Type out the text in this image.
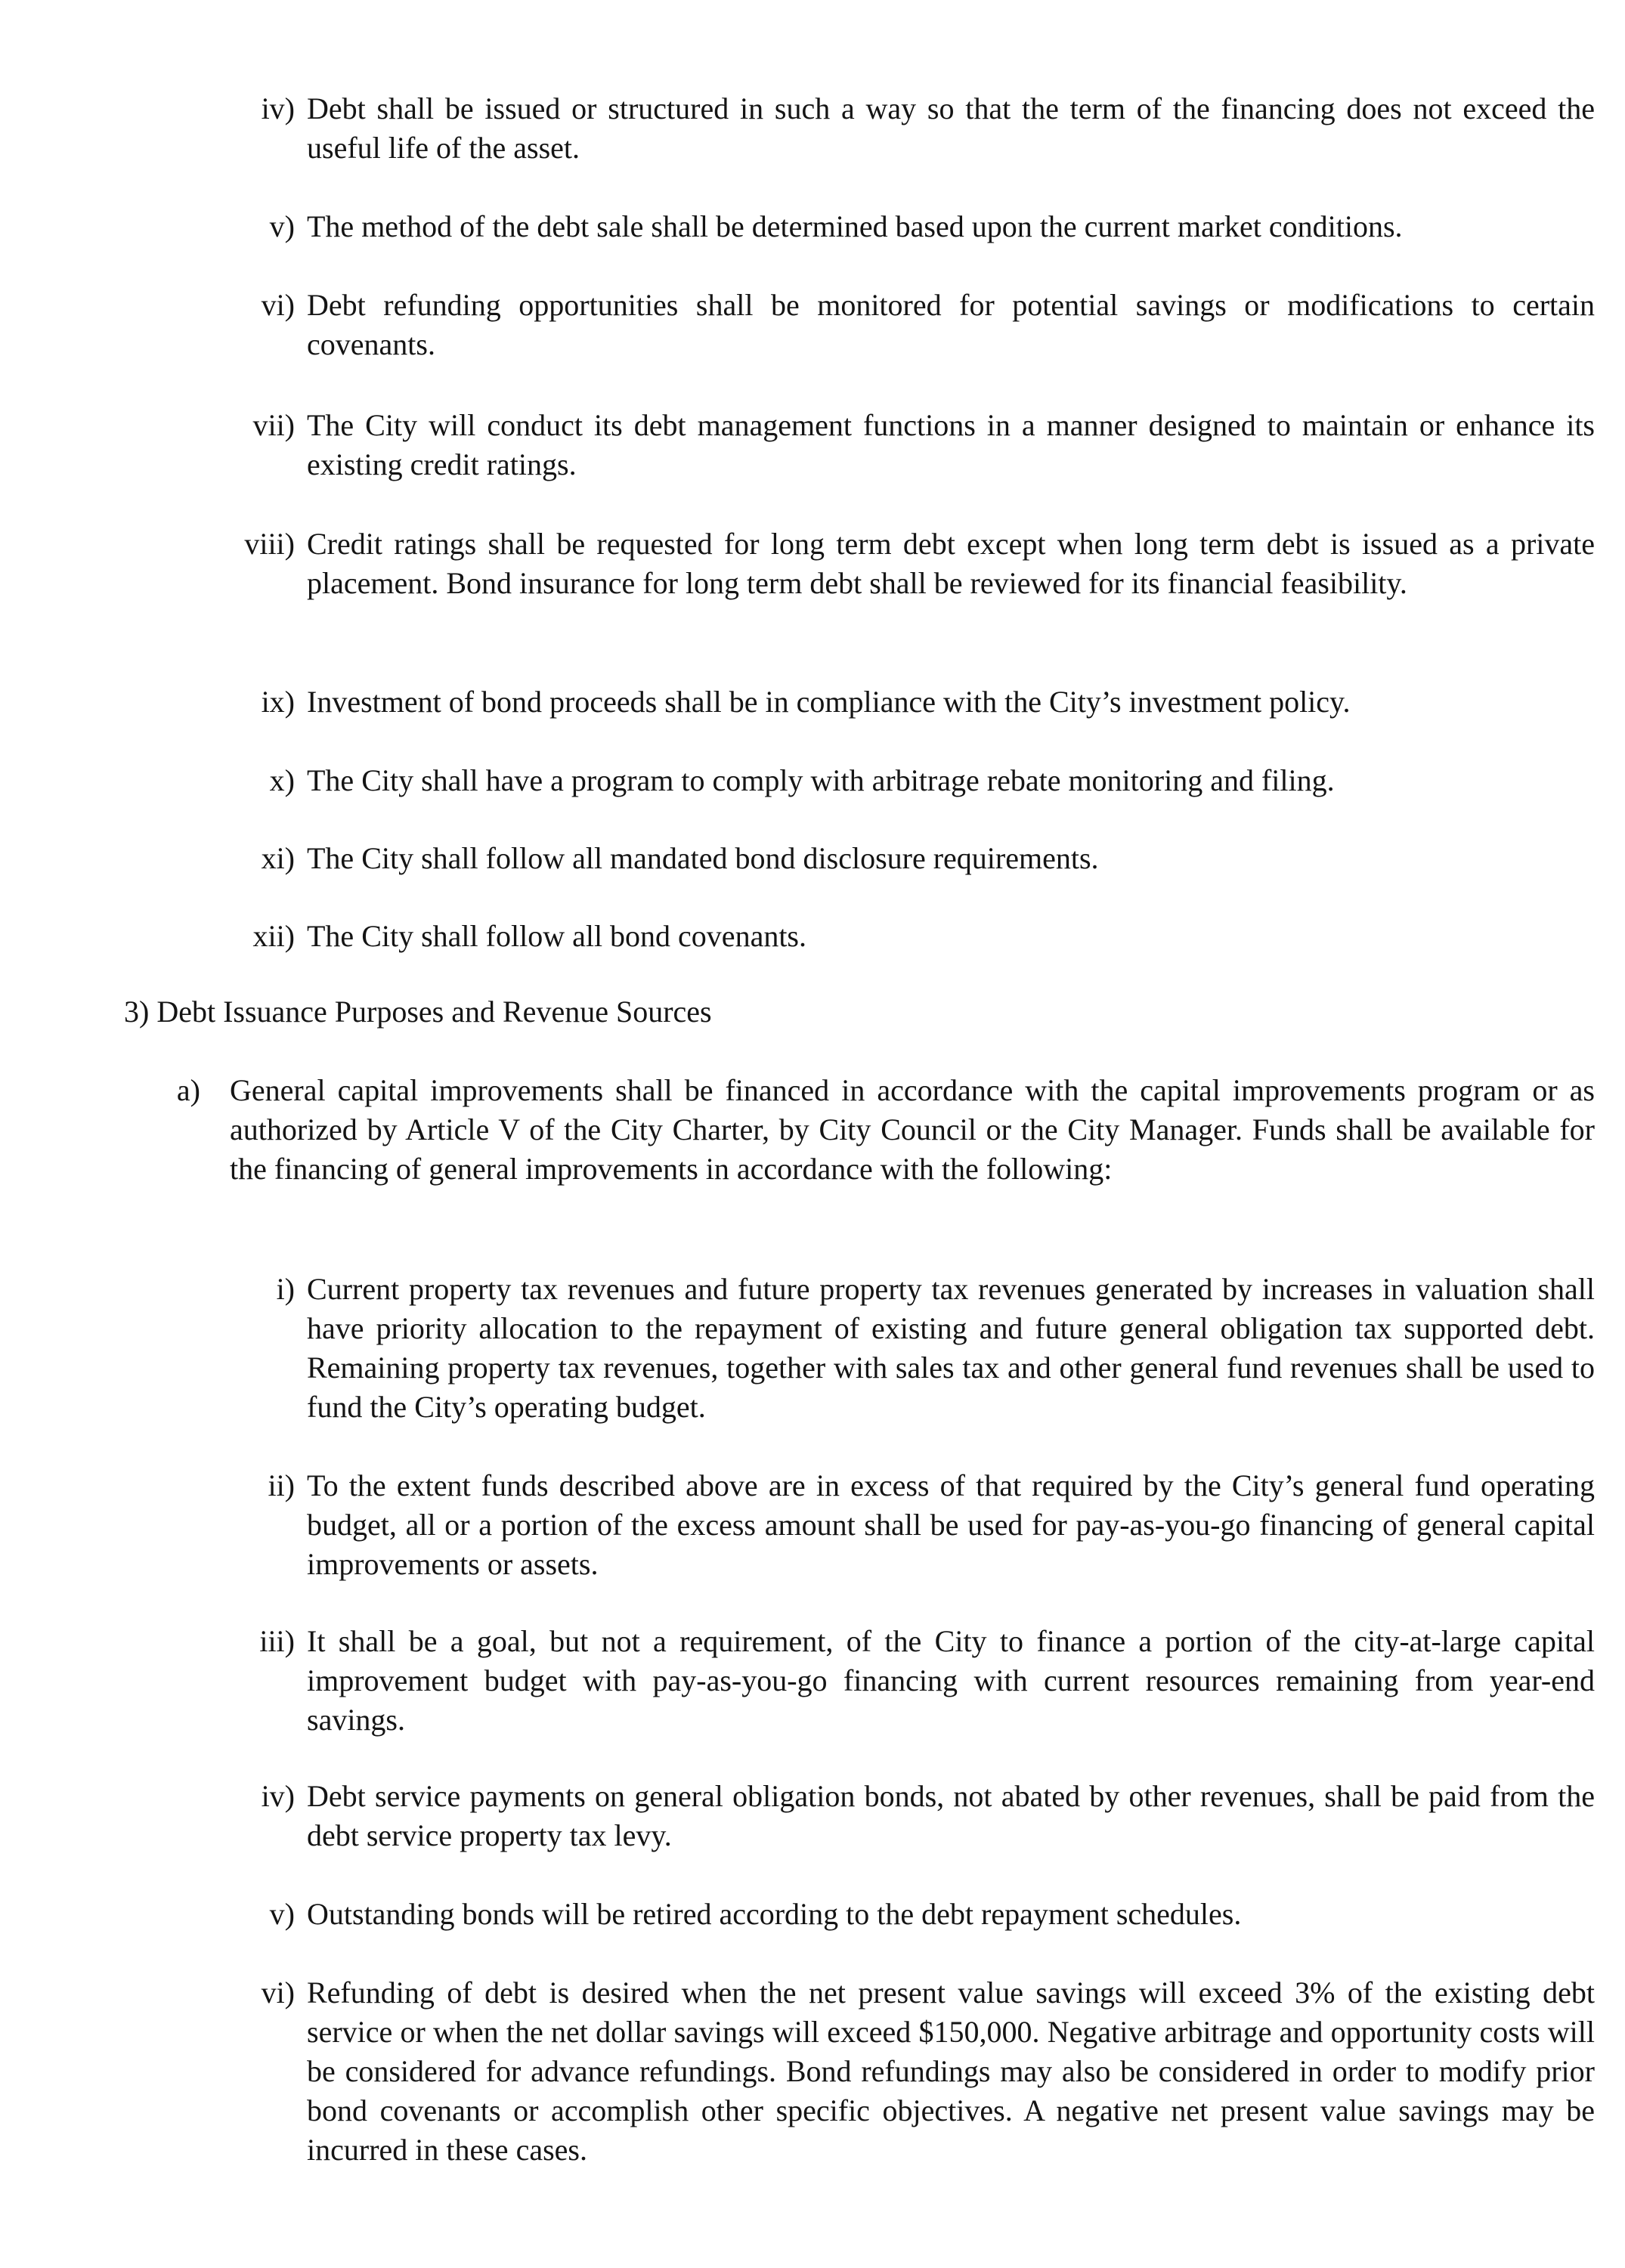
iv) Debt shall be issued or structured in such a way so that the term of the financing does not exceed the useful life of the asset.
v) The method of the debt sale shall be determined based upon the current market conditions.
vi) Debt refunding opportunities shall be monitored for potential savings or modifications to certain covenants.
vii) The City will conduct its debt management functions in a manner designed to maintain or enhance its existing credit ratings.
viii) Credit ratings shall be requested for long term debt except when long term debt is issued as a private placement. Bond insurance for long term debt shall be reviewed for its financial feasibility.
ix) Investment of bond proceeds shall be in compliance with the City’s investment policy.
x) The City shall have a program to comply with arbitrage rebate monitoring and filing.
xi) The City shall follow all mandated bond disclosure requirements.
xii) The City shall follow all bond covenants.
3) Debt Issuance Purposes and Revenue Sources
a) General capital improvements shall be financed in accordance with the capital improvements program or as authorized by Article V of the City Charter, by City Council or the City Manager. Funds shall be available for the financing of general improvements in accordance with the following:
i) Current property tax revenues and future property tax revenues generated by increases in valuation shall have priority allocation to the repayment of existing and future general obligation tax supported debt. Remaining property tax revenues, together with sales tax and other general fund revenues shall be used to fund the City’s operating budget.
ii) To the extent funds described above are in excess of that required by the City’s general fund operating budget, all or a portion of the excess amount shall be used for pay-as-you-go financing of general capital improvements or assets.
iii) It shall be a goal, but not a requirement, of the City to finance a portion of the city-at-large capital improvement budget with pay-as-you-go financing with current resources remaining from year-end savings.
iv) Debt service payments on general obligation bonds, not abated by other revenues, shall be paid from the debt service property tax levy.
v) Outstanding bonds will be retired according to the debt repayment schedules.
vi) Refunding of debt is desired when the net present value savings will exceed 3% of the existing debt service or when the net dollar savings will exceed $150,000. Negative arbitrage and opportunity costs will be considered for advance refundings. Bond refundings may also be considered in order to modify prior bond covenants or accomplish other specific objectives. A negative net present value savings may be incurred in these cases.
